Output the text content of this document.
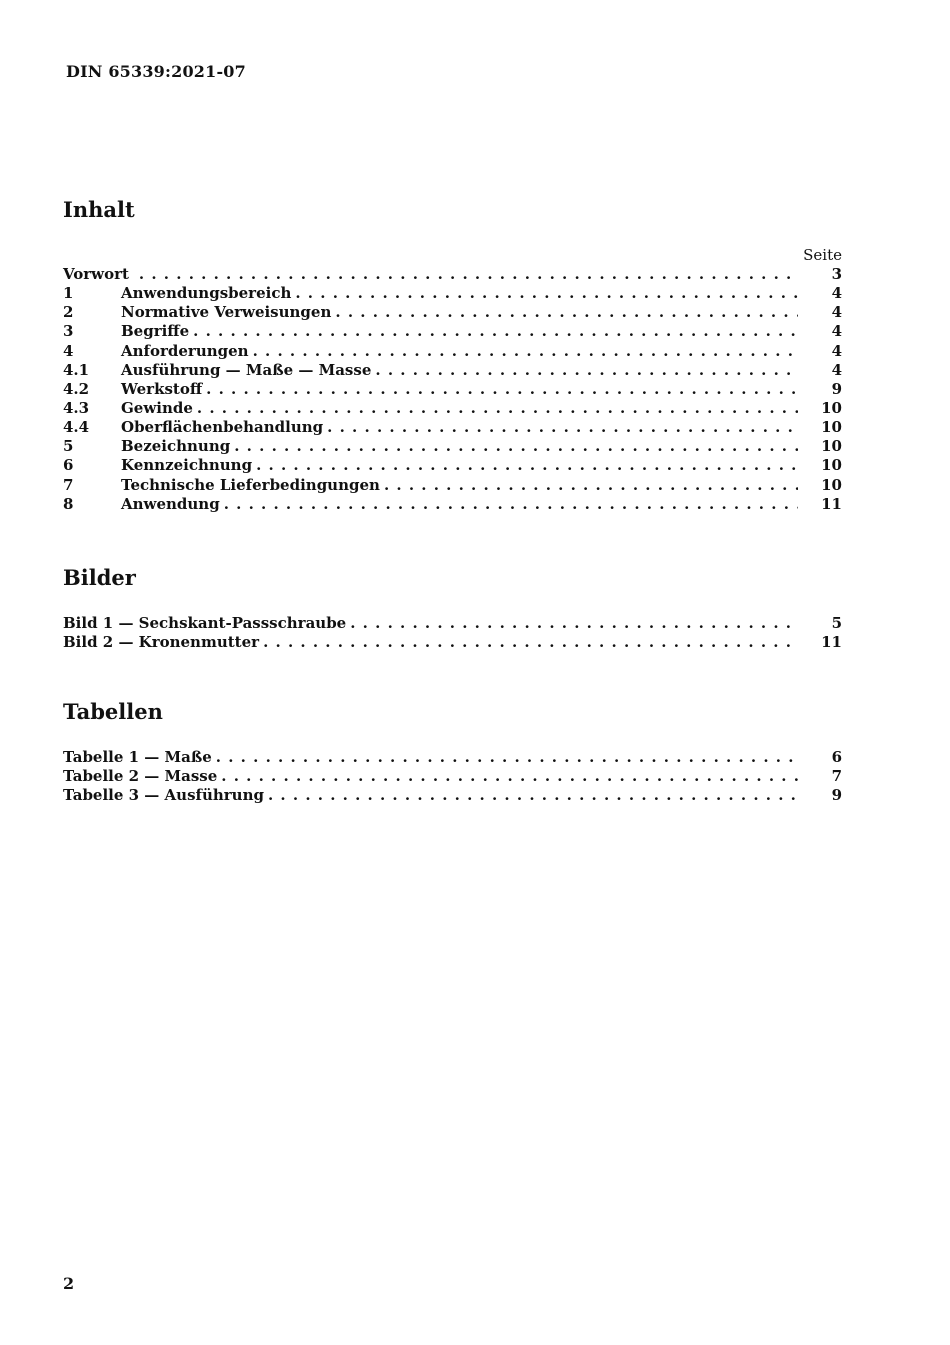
DIN 65339:2021-07
Inhalt
Seite
Vorwort . . .	3
1	Anwendungsbereich . . .	4
2	Normative Verweisungen . . .	4
3	Begriffe . . .	4
4	Anforderungen . . .	4
4.1	Ausführung — Maße — Masse . . .	4
4.2	Werkstoff . . .	9
4.3	Gewinde . . .	10
4.4	Oberflächenbehandlung . . .	10
5	Bezeichnung . . .	10
6	Kennzeichnung . . .	10
7	Technische Lieferbedingungen . . .	10
8	Anwendung . . .	11
Bilder
Bild 1 — Sechskant-Passschraube . . .	5
Bild 2 — Kronenmutter . . .	11
Tabellen
Tabelle 1 — Maße . . .	6
Tabelle 2 — Masse . . .	7
Tabelle 3 — Ausführung . . .	9
2
